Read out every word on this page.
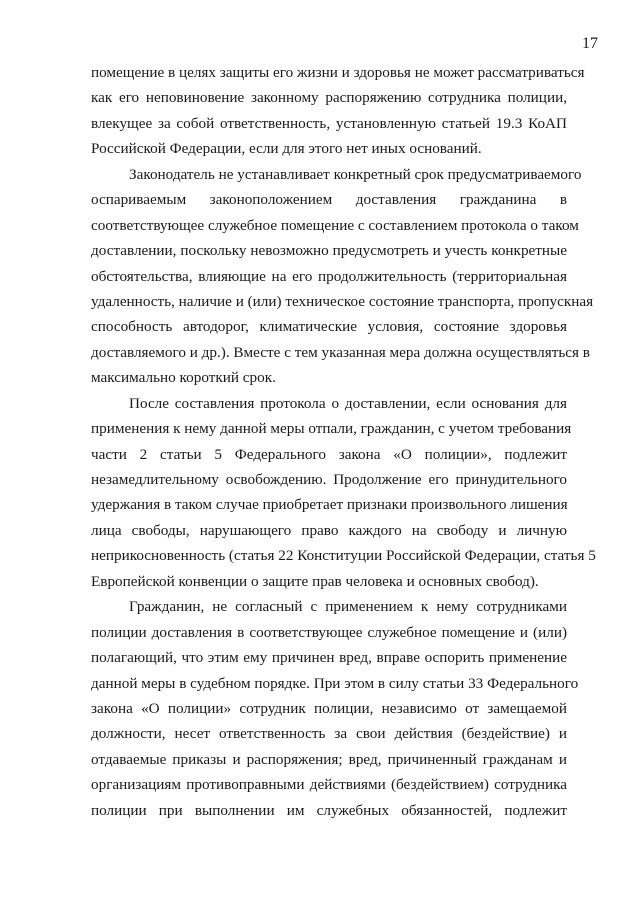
17
помещение в целях защиты его жизни и здоровья не может рассматриваться
как его неповиновение законному распоряжению сотрудника полиции,
влекущее за собой ответственность, установленную статьей 19.3 КоАП
Российской Федерации, если для этого нет иных оснований.
Законодатель не устанавливает конкретный срок предусматриваемого
оспариваемым законоположением доставления гражданина в
соответствующее служебное помещение с составлением протокола о таком
доставлении, поскольку невозможно предусмотреть и учесть конкретные
обстоятельства, влияющие на его продолжительность (территориальная
удаленность, наличие и (или) техническое состояние транспорта, пропускная
способность автодорог, климатические условия, состояние здоровья
доставляемого и др.). Вместе с тем указанная мера должна осуществляться в
максимально короткий срок.
После составления протокола о доставлении, если основания для
применения к нему данной меры отпали, гражданин, с учетом требования
части 2 статьи 5 Федерального закона «О полиции», подлежит
незамедлительному освобождению. Продолжение его принудительного
удержания в таком случае приобретает признаки произвольного лишения
лица свободы, нарушающего право каждого на свободу и личную
неприкосновенность (статья 22 Конституции Российской Федерации, статья 5
Европейской конвенции о защите прав человека и основных свобод).
Гражданин, не согласный с применением к нему сотрудниками
полиции доставления в соответствующее служебное помещение и (или)
полагающий, что этим ему причинен вред, вправе оспорить применение
данной меры в судебном порядке. При этом в силу статьи 33 Федерального
закона «О полиции» сотрудник полиции, независимо от замещаемой
должности, несет ответственность за свои действия (бездействие) и
отдаваемые приказы и распоряжения; вред, причиненный гражданам и
организациям противоправными действиями (бездействием) сотрудника
полиции при выполнении им служебных обязанностей, подлежит
